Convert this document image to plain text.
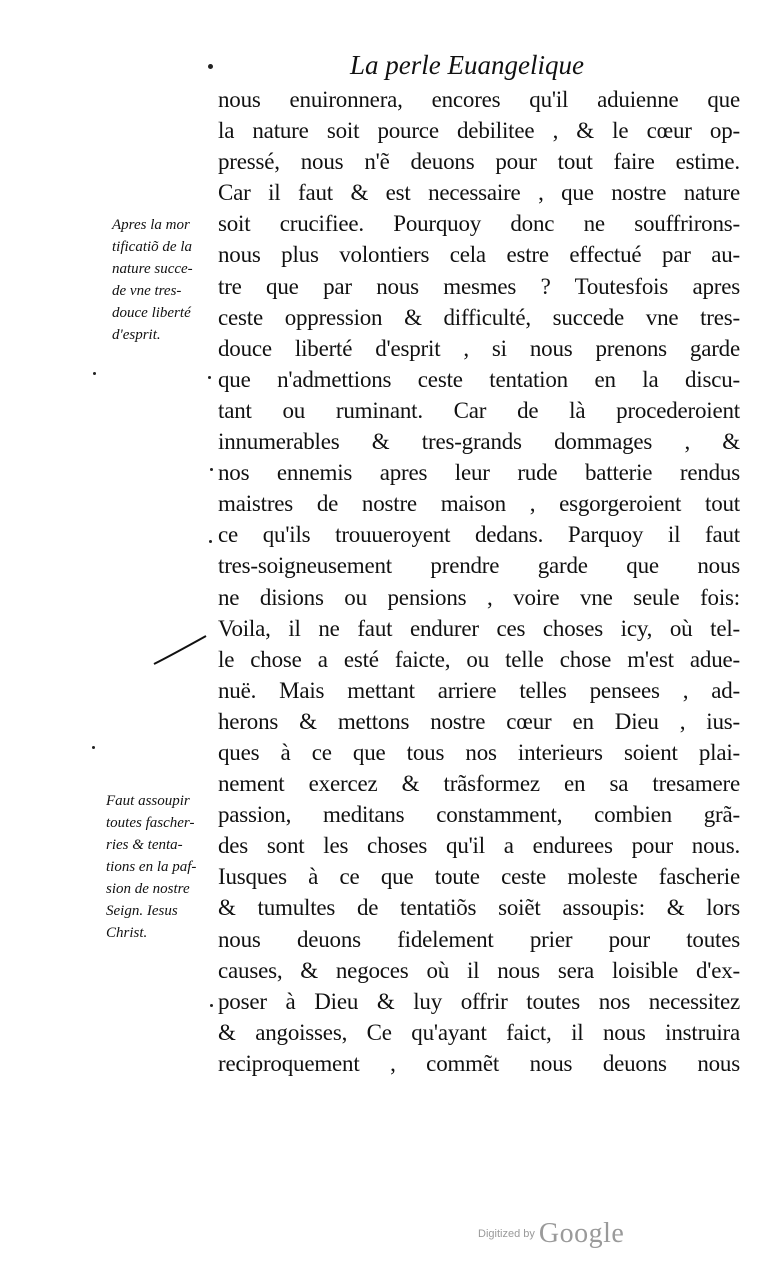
La perle Euangelique
nous enuironnera, encores qu'il aduienne que
la nature soit pource debilitee , & le cœur op-
pressé, nous n'ẽ deuons pour tout faire estime.
Car il faut & est necessaire , que nostre nature
soit crucifiee. Pourquoy donc ne souffrirons-
nous plus volontiers cela estre effectué par au-
tre que par nous mesmes ? Toutesfois apres
ceste oppression & difficulté, succede vne tres-
douce liberté d'esprit , si nous prenons garde
que n'admettions ceste tentation en la discu-
tant ou ruminant. Car de là procederoient
innumerables & tres-grands dommages , &
nos ennemis apres leur rude batterie rendus
maistres de nostre maison , esgorgeroient tout
ce qu'ils trouueroyent dedans. Parquoy il faut
tres-soigneusement prendre garde que nous
ne disions ou pensions , voire vne seule fois:
Voila, il ne faut endurer ces choses icy, où tel-
le chose a esté faicte, ou telle chose m'est adue-
nuë. Mais mettant arriere telles pensees , ad-
herons & mettons nostre cœur en Dieu , ius-
ques à ce que tous nos interieurs soient plai-
nement exercez & trãsformez en sa tresamere
passion, meditans constamment, combien grã-
des sont les choses qu'il a endurees pour nous.
Iusques à ce que toute ceste moleste fascherie
& tumultes de tentatiõs soiẽt assoupis: & lors
nous deuons fidelement prier pour toutes
causes, & negoces où il nous sera loisible d'ex-
poser à Dieu & luy offrir toutes nos necessitez
& angoisses, Ce qu'ayant faict, il nous instruira
reciproquement , commẽt nous deuons nous
Apres la mor
tificatiõ de la
nature succe-
de vne tres-
douce liberté
d'esprit.
Faut assoupir
toutes fascher-
ries & tenta-
tions en la paf-
sion de nostre
Seign. Iesus
Christ.
Digitized by Google
